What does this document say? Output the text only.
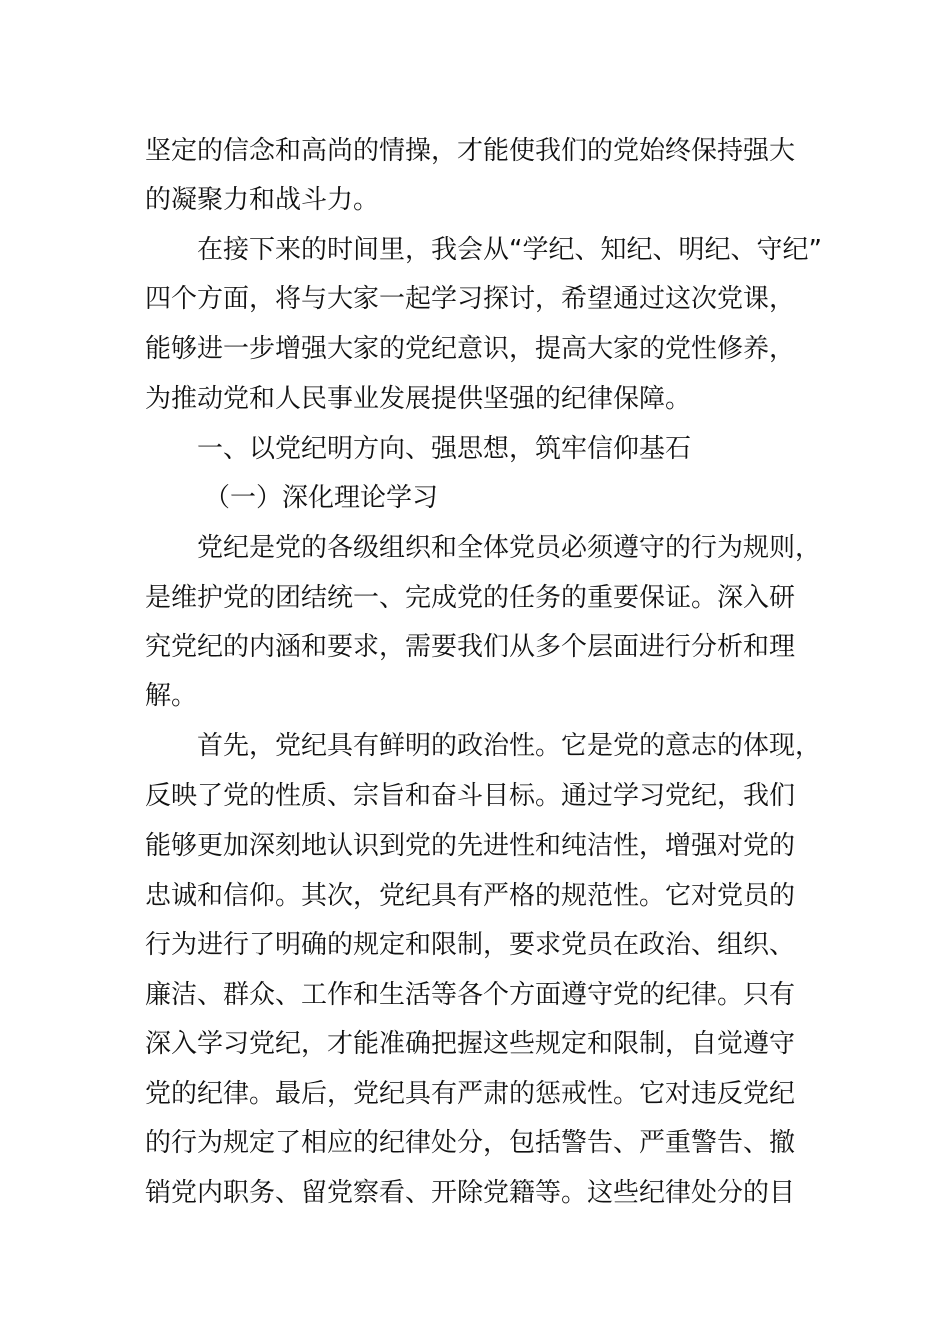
坚定的信念和高尚的情操，才能使我们的党始终保持强大
的凝聚力和战斗力。
在接下来的时间里，我会从“学纪、知纪、明纪、守纪”
四个方面，将与大家一起学习探讨，希望通过这次党课，
能够进一步增强大家的党纪意识，提高大家的党性修养，
为推动党和人民事业发展提供坚强的纪律保障。
一、以党纪明方向、强思想，筑牢信仰基石
（一）深化理论学习
党纪是党的各级组织和全体党员必须遵守的行为规则，
是维护党的团结统一、完成党的任务的重要保证。深入研
究党纪的内涵和要求，需要我们从多个层面进行分析和理
解。
首先，党纪具有鲜明的政治性。它是党的意志的体现，
反映了党的性质、宗旨和奋斗目标。通过学习党纪，我们
能够更加深刻地认识到党的先进性和纯洁性，增强对党的
忠诚和信仰。其次，党纪具有严格的规范性。它对党员的
行为进行了明确的规定和限制，要求党员在政治、组织、
廉洁、群众、工作和生活等各个方面遵守党的纪律。只有
深入学习党纪，才能准确把握这些规定和限制，自觉遵守
党的纪律。最后，党纪具有严肃的惩戒性。它对违反党纪
的行为规定了相应的纪律处分，包括警告、严重警告、撤
销党内职务、留党察看、开除党籍等。这些纪律处分的目
